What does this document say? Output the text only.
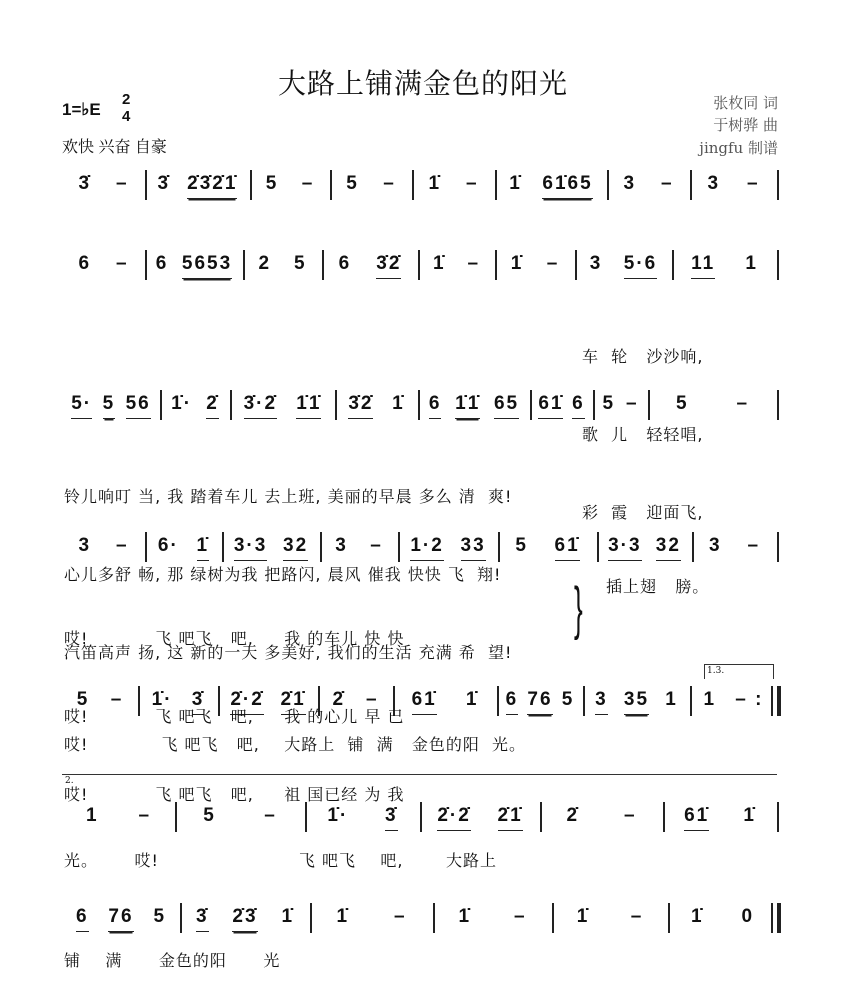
大路上铺满金色的阳光
1=♭E
2
4
欢快 兴奋 自豪
张枚同 词
于树骅 曲
jingfu 制谱
3̇ – 3̇ 2̇3̇2̇1̇ 5 – 5 – 1̇ – 1̇ 61̇65 3 – 3 –
6 – 6 5653 2 5 6 3̇2̇ 1̇ – 1̇ – 3 5·6 11 1
5· 5 56 1̇· 2̇ 3̇·2̇ 1̇1̇ 3̇2̇ 1̇ 6 1̇1̇ 65 61̇ 6 5 – 5	–
3 – 6· 1̇ 3·3 32 3 – 1·2 33 5 61̇ 3·3 32 3 –
5 – 1̇· 3̇ 2̇·2̇ 2̇1̇ 2̇ – 61̇ 1̇ 6 76 5 3 35 1 1 – :
1.3.
1 –	5	–	1̇· 3̇ 2̇·2̇ 2̇1̇ 2̇ –	61̇ 1̇
2.
6 76 5 3̇ 2̇3̇ 1̇ 1̇ –	1̇ –	1̇ –	1̇ 0

车  轮   沙沙响,

歌  儿   轻轻唱,

彩  霞   迎面飞,

铃儿响叮 当, 我 踏着车儿 去上班, 美丽的早晨 多么 清  爽!

心儿多舒 畅, 那 绿树为我 把路闪, 晨风 催我 快快 飞  翔!

汽笛高声 扬, 这 新的一天 多美好, 我们的生活 充满 希  望!

哎!           飞 吧飞   吧,     我 的车儿 快 快

哎!           飞 吧飞   吧,     我 的心儿 早 已

哎!           飞 吧飞   吧,     祖 国已经 为 我

} 插上翅   膀。
哎!            飞 吧飞   吧,    大路上  铺  满   金色的阳  光。
光。      哎!                       飞 吧飞    吧,       大路上
铺    满      金色的阳      光
